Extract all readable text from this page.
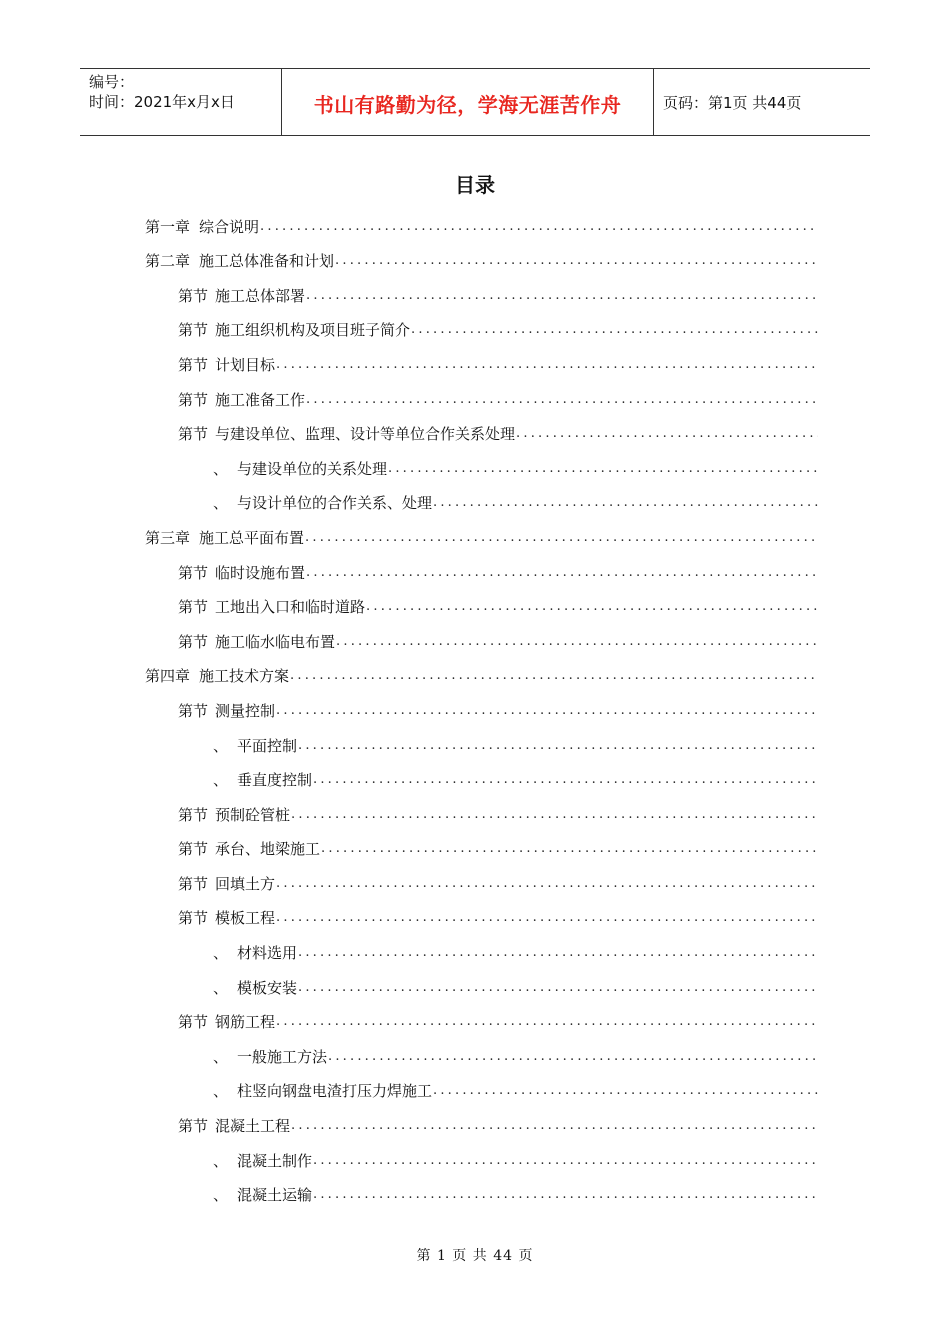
编号：
时间：2021年x月x日	书山有路勤为径，学海无涯苦作舟	页码：第1页 共44页
目录
第一章 综合说明
.....
第二章 施工总体准备和计划
.....
第节 施工总体部署
.....
第节 施工组织机构及项目班子简介
.....
第节 计划目标
.....
第节 施工准备工作
.....
第节 与建设单位、监理、设计等单位合作关系处理
.....
、 与建设单位的关系处理
.....
、 与设计单位的合作关系、处理
.....
第三章 施工总平面布置
.....
第节 临时设施布置
.....
第节 工地出入口和临时道路
.....
第节 施工临水临电布置
.....
第四章 施工技术方案
.....
第节 测量控制
.....
、 平面控制
.....
、 垂直度控制
.....
第节 预制砼管桩
.....
第节 承台、地梁施工
.....
第节 回填土方
.....
第节 模板工程
.....
、 材料选用
.....
、 模板安装
.....
第节 钢筋工程
.....
、 一般施工方法
.....
、 柱竖向钢盘电渣打压力焊施工
.....
第节 混凝土工程
.....
、 混凝土制作
.....
、 混凝土运输
.....
第 1 页 共 44 页
